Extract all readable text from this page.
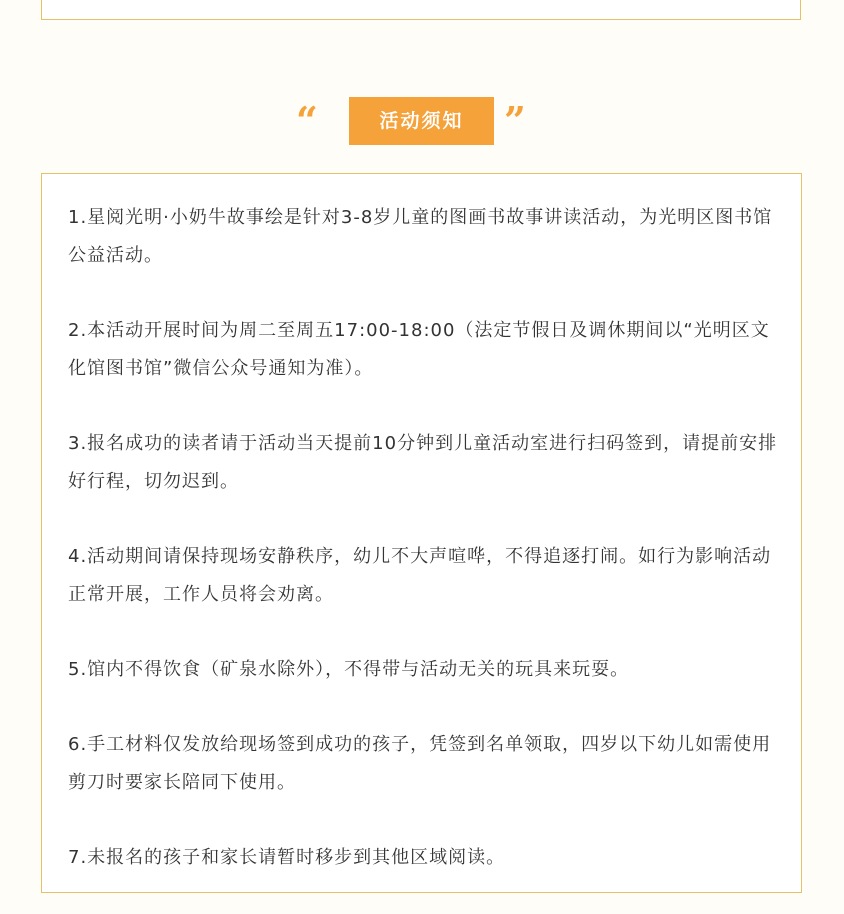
“	活动须知	”
1.星阅光明·小奶牛故事绘是针对3-8岁儿童的图画书故事讲读活动，为光明区图书馆公益活动。
2.本活动开展时间为周二至周五17:00-18:00（法定节假日及调休期间以“光明区文化馆图书馆”微信公众号通知为准）。
3.报名成功的读者请于活动当天提前10分钟到儿童活动室进行扫码签到，请提前安排好行程，切勿迟到。
4.活动期间请保持现场安静秩序，幼儿不大声喧哗，不得追逐打闹。如行为影响活动正常开展，工作人员将会劝离。
5.馆内不得饮食（矿泉水除外），不得带与活动无关的玩具来玩耍。
6.手工材料仅发放给现场签到成功的孩子，凭签到名单领取，四岁以下幼儿如需使用剪刀时要家长陪同下使用。
7.未报名的孩子和家长请暂时移步到其他区域阅读。
